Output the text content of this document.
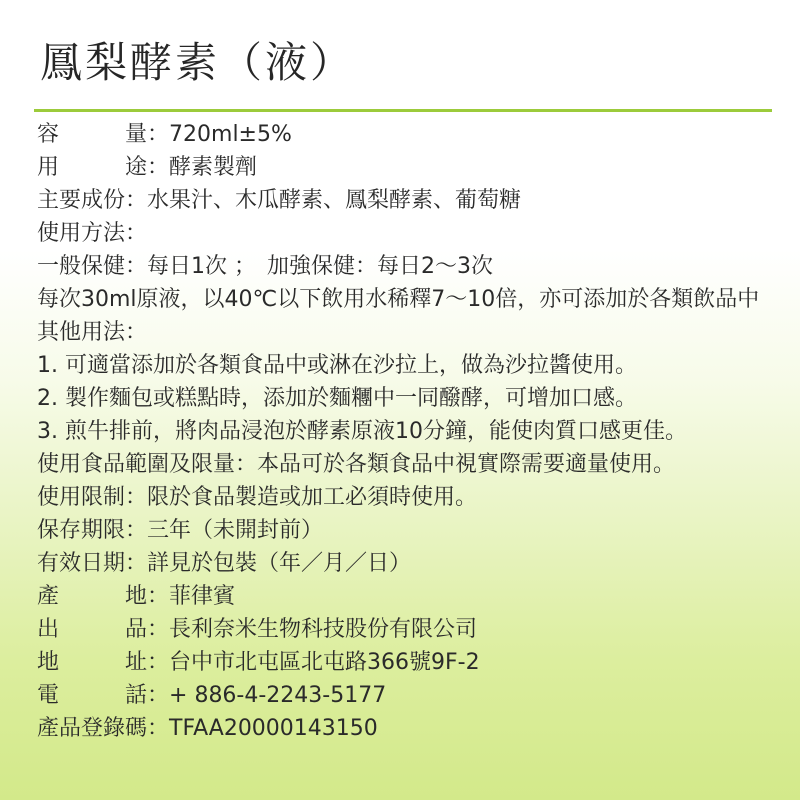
鳳梨酵素（液）
容	量 ： 720ml±5%
用	途 ： 酵素製劑
主要成份 ： 水果汁、木瓜酵素、鳳梨酵素、葡萄糖
使用方法 ：
一般保健 ： 每日1次 ；　加強保健：每日2～3次
每次30ml原液，以40℃以下飲用水稀釋7～10倍，亦可添加於各類飲品中
其他用法 ：
1. 可適當添加於各類食品中或淋在沙拉上，做為沙拉醬使用。
2. 製作麵包或糕點時，添加於麵糰中一同醱酵，可增加口感。
3. 煎牛排前，將肉品浸泡於酵素原液10分鐘，能使肉質口感更佳。
使用食品範圍及限量 ： 本品可於各類食品中視實際需要適量使用。
使用限制 ： 限於食品製造或加工必須時使用。
保存期限 ： 三年（未開封前）
有效日期 ： 詳見於包裝（年／月／日）
產	地 ： 菲律賓
出	品 ： 長利奈米生物科技股份有限公司
地	址 ： 台中市北屯區北屯路366號9F-2
電	話 ： + 886-4-2243-5177
產品登錄碼 ： TFAA20000143150
